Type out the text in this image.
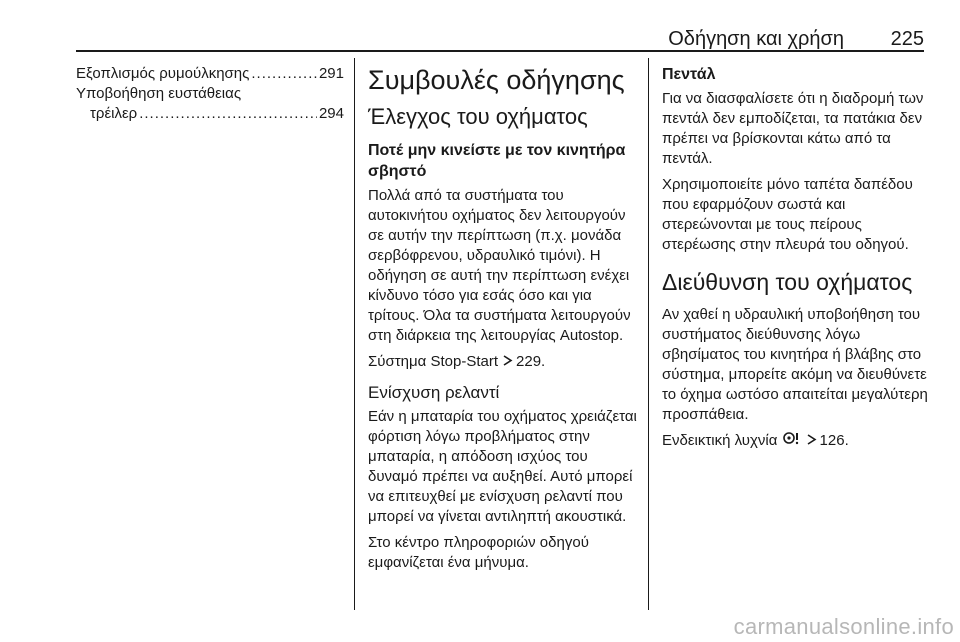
Οδήγηση και χρήση 225
Εξοπλισμός ρυμούλκησης .....	291
Υποβοήθηση ευστάθειας
τρέιλερ .....	294
Συμβουλές οδήγησης
Έλεγχος του οχήματος
Ποτέ μην κινείστε με τον κινητήρα σβηστό

Πολλά από τα συστήματα του αυτοκινήτου οχήματος δεν λειτουργούν σε αυτήν την περίπτωση (π.χ. μονάδα σερβόφρενου, υδραυλικό τιμόνι). Η οδήγηση σε αυτή την περίπτωση ενέχει κίνδυνο τόσο για εσάς όσο και για τρίτους. Όλα τα συστήματα λειτουργούν στη διάρκεια της λειτουργίας Autostop.

Σύστημα Stop-Start 229.

Ενίσχυση ρελαντί

Εάν η μπαταρία του οχήματος χρειάζεται φόρτιση λόγω προβλήματος στην μπαταρία, η απόδοση ισχύος του δυναμό πρέπει να αυξηθεί. Αυτό μπορεί να επιτευχθεί με ενίσχυση ρελαντί που μπορεί να γίνεται αντιληπτή ακουστικά.

Στο κέντρο πληροφοριών οδηγού εμφανίζεται ένα μήνυμα.

Πεντάλ

Για να διασφαλίσετε ότι η διαδρομή των πεντάλ δεν εμποδίζεται, τα πατάκια δεν πρέπει να βρίσκονται κάτω από τα πεντάλ.

Χρησιμοποιείτε μόνο ταπέτα δαπέδου που εφαρμόζουν σωστά και στερεώνονται με τους πείρους στερέωσης στην πλευρά του οδηγού.

Διεύθυνση του οχήματος

Αν χαθεί η υδραυλική υποβοήθηση του συστήματος διεύθυνσης λόγω σβησίματος του κινητήρα ή βλάβης στο σύστημα, μπορείτε ακόμη να διευθύνετε το όχημα ωστόσο απαιτείται μεγαλύτερη προσπάθεια.

Ενδεικτική λυχνία	126.

carmanualsonline.info
